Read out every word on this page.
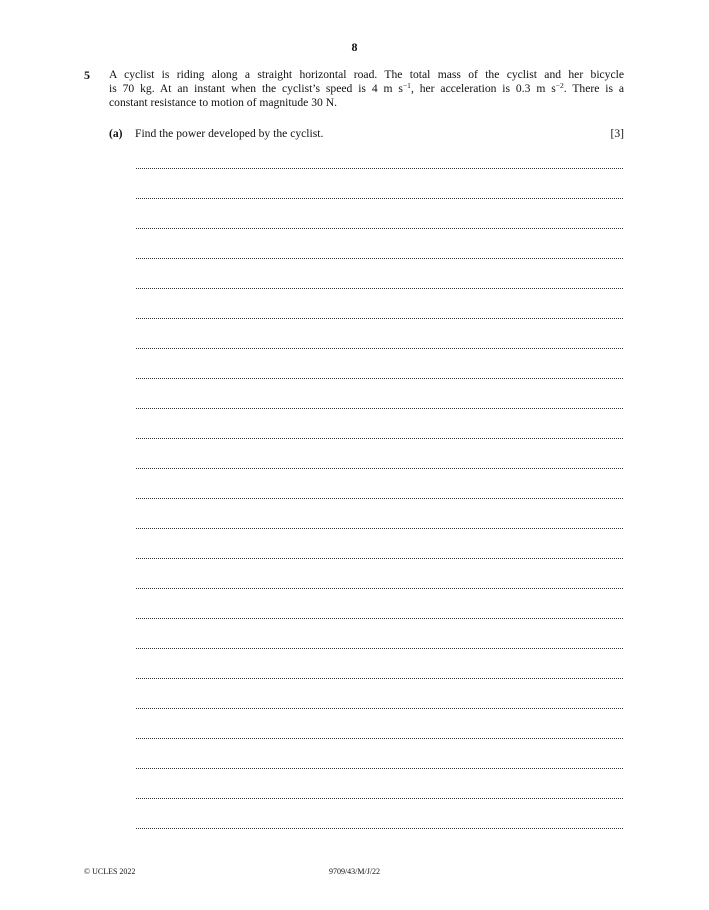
8
5 A cyclist is riding along a straight horizontal road. The total mass of the cyclist and her bicycle
is 70 kg. At an instant when the cyclist’s speed is 4 m $s^{-1}$, her acceleration is 0.3 m $s^{-2}$. There is a
constant resistance to motion of magnitude 30 N.
(a) Find the power developed by the cyclist.	[3]
© UCLES 2022	9709/43/M/J/22
